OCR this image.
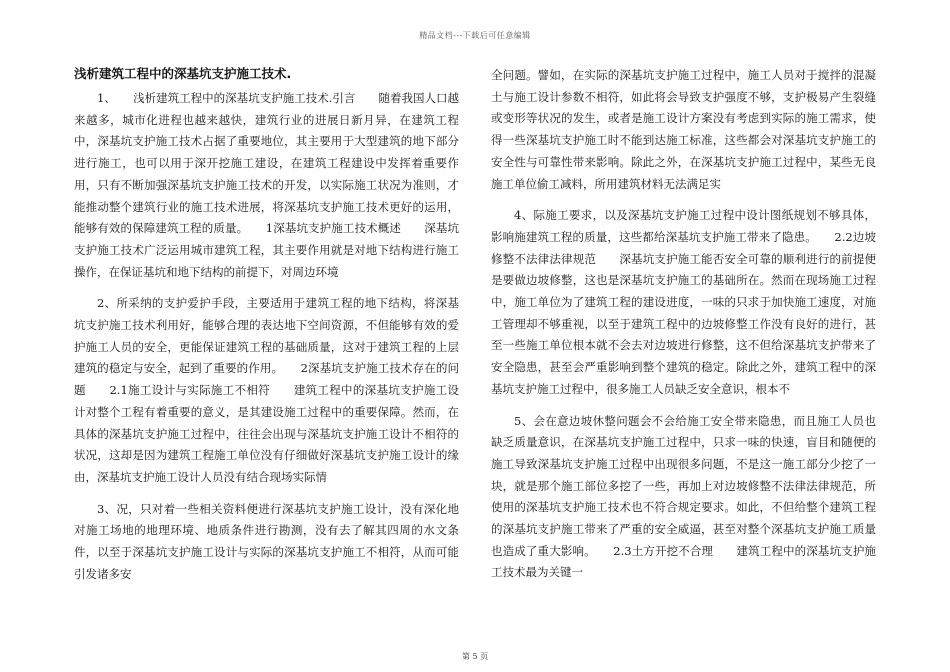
精品文档---下载后可任意编辑
浅析建筑工程中的深基坑支护施工技术.

1、　　浅析建筑工程中的深基坑支护施工技术.引言　　随着我国人口越来越多，城市化进程也越来越快，建筑行业的进展日新月异，在建筑工程中，深基坑支护施工技术占据了重要地位，其主要用于大型建筑的地下部分进行施工，也可以用于深开挖施工建设，在建筑工程建设中发挥着重要作用，只有不断加强深基坑支护施工技术的开发，以实际施工状况为准则，才能推动整个建筑行业的施工技术进展，将深基坑支护施工技术更好的运用，能够有效的保障建筑工程的质量。　　1深基坑支护施工技术概述　　深基坑支护施工技术广泛运用城市建筑工程，其主要作用就是对地下结构进行施工操作，在保证基坑和地下结构的前提下，对周边环境

2、所采纳的支护爱护手段，主要适用于建筑工程的地下结构，将深基坑支护施工技术利用好，能够合理的表达地下空间资源，不但能够有效的爱护施工人员的安全，更能保证建筑工程的基础质量，这对于建筑工程的上层建筑的稳定与安全，起到了重要的作用。　　2深基坑支护施工技术存在的问题　　2.1施工设计与实际施工不相符　　建筑工程中的深基坑支护施工设计对整个工程有着重要的意义，是其建设施工过程中的重要保障。然而，在具体的深基坑支护施工过程中，往往会出现与深基坑支护施工设计不相符的状况，这却是因为建筑工程施工单位没有仔细做好深基坑支护施工设计的缘由，深基坑支护施工设计人员没有结合现场实际情

3、况，只对着一些相关资料便进行深基坑支护施工设计，没有深化地对施工场地的地理环境、地质条件进行勘测，没有去了解其四周的水文条件，以至于深基坑支护施工设计与实际的深基坑支护施工不相符，从而可能引发诸多安

全问题。譬如，在实际的深基坑支护施工过程中，施工人员对于搅拌的混凝土与施工设计参数不相符，如此将会导致支护强度不够，支护极易产生裂缝或变形等状况的发生，或者是施工设计方案没有考虑到实际的施工需求，使得一些深基坑支护施工时不能到达施工标准，这些都会对深基坑支护施工的安全性与可靠性带来影响。除此之外，在深基坑支护施工过程中，某些无良施工单位偷工减料，所用建筑材料无法满足实

4、际施工要求，以及深基坑支护施工过程中设计图纸规划不够具体，影响施建筑工程的质量，这些都给深基坑支护施工带来了隐患。　　2.2边坡修整不法律法律规范　　深基坑支护施工能否安全可靠的顺利进行的前提便是要做边坡修整，这也是深基坑支护施工的基础所在。然而在现场施工过程中，施工单位为了建筑工程的建设进度，一味的只求于加快施工速度，对施工管理却不够重视，以至于建筑工程中的边坡修整工作没有良好的进行，甚至一些施工单位根本就不会去对边坡进行修整，这不但给深基坑支护带来了安全隐患，甚至会严重影响到整个建筑的稳定。除此之外，建筑工程中的深基坑支护施工过程中，很多施工人员缺乏安全意识，根本不

5、会在意边坡休整问题会不会给施工安全带来隐患，而且施工人员也缺乏质量意识，在深基坑支护施工过程中，只求一味的快速，盲目和随便的施工导致深基坑支护施工过程中出现很多问题，不是这一施工部分少挖了一块，就是那个施工部位多挖了一些，再加上对边坡修整不法律法律规范，所使用的深基坑支护施工技术也不符合规定要求。如此，不但给整个建筑工程的深基坑支护施工带来了严重的安全威逼，甚至对整个深基坑支护施工质量也造成了重大影响。　　2.3土方开挖不合理　　建筑工程中的深基坑支护施工技术最为关键一

第 5 页
